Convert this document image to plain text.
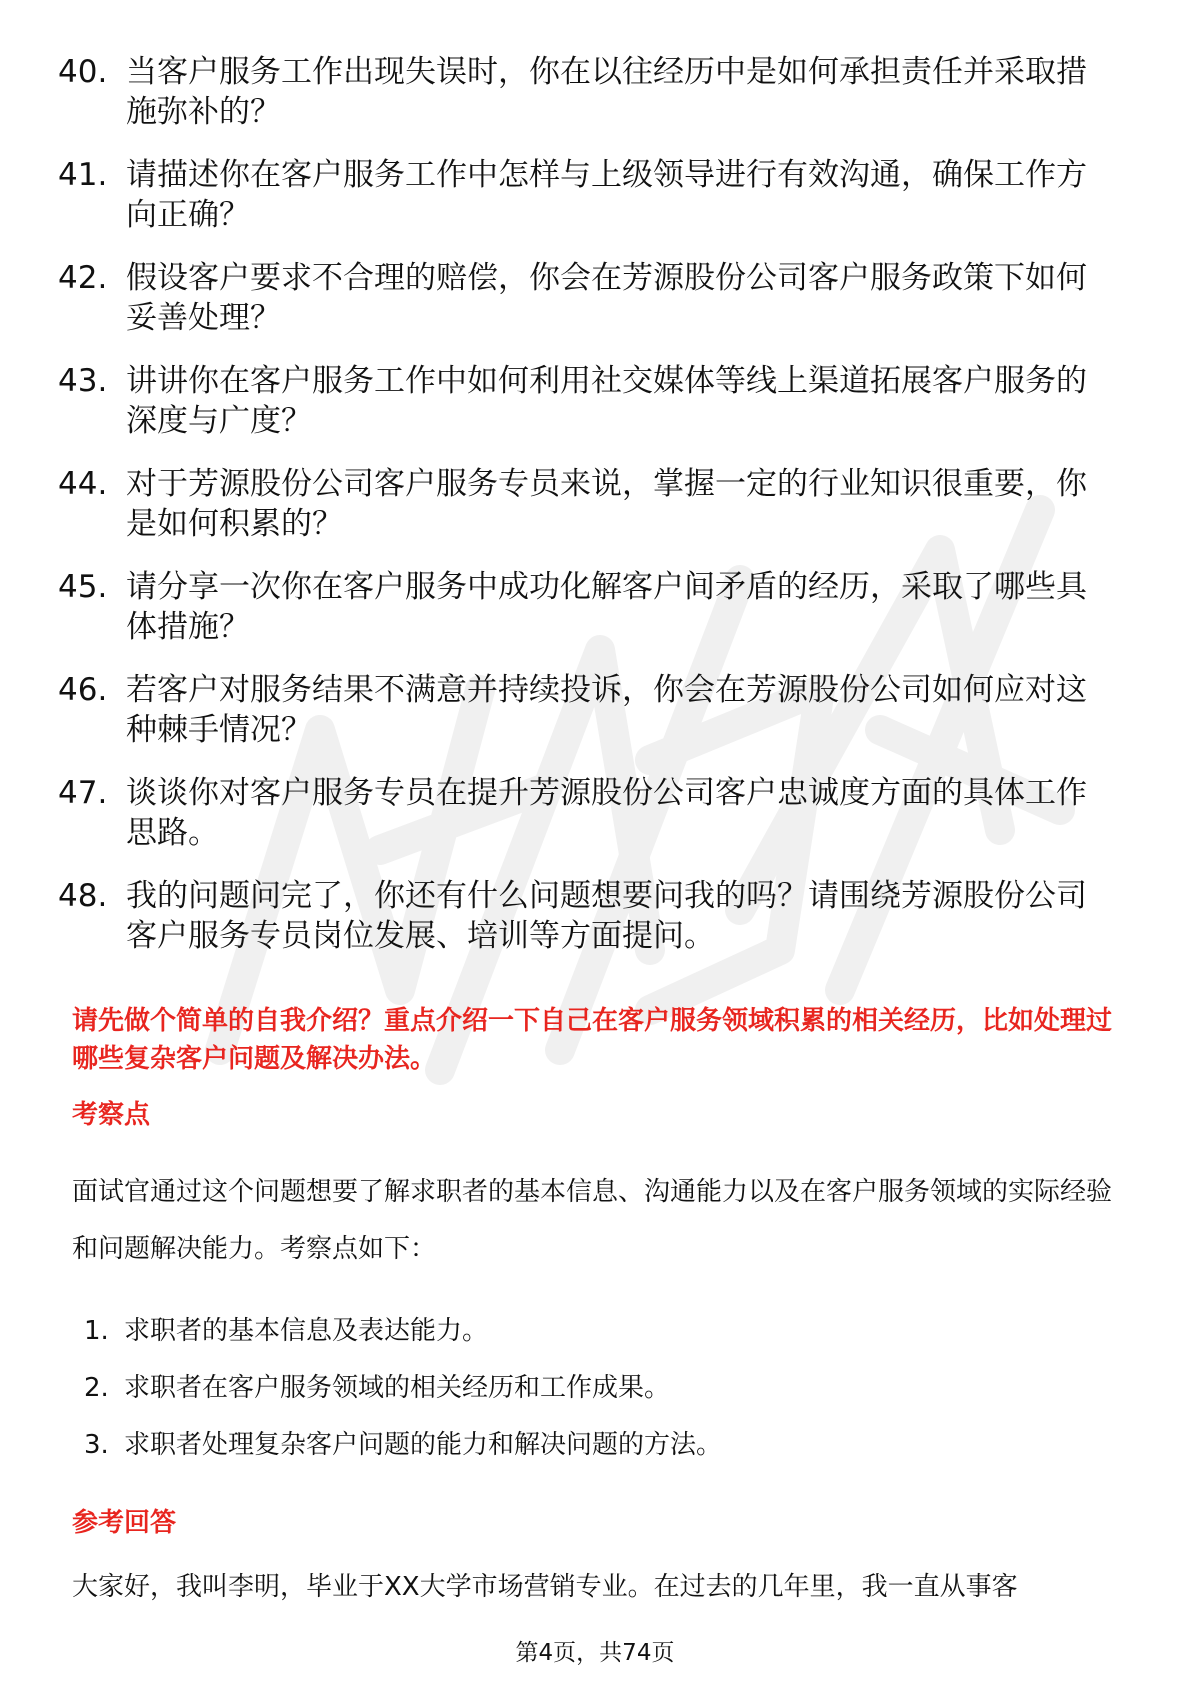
40. 当客户服务工作出现失误时，你在以往经历中是如何承担责任并采取措施弥补的？
41. 请描述你在客户服务工作中怎样与上级领导进行有效沟通，确保工作方向正确？
42. 假设客户要求不合理的赔偿，你会在芳源股份公司客户服务政策下如何妥善处理？
43. 讲讲你在客户服务工作中如何利用社交媒体等线上渠道拓展客户服务的深度与广度？
44. 对于芳源股份公司客户服务专员来说，掌握一定的行业知识很重要，你是如何积累的？
45. 请分享一次你在客户服务中成功化解客户间矛盾的经历，采取了哪些具体措施？
46. 若客户对服务结果不满意并持续投诉，你会在芳源股份公司如何应对这种棘手情况？
47. 谈谈你对客户服务专员在提升芳源股份公司客户忠诚度方面的具体工作思路。
48. 我的问题问完了，你还有什么问题想要问我的吗？请围绕芳源股份公司客户服务专员岗位发展、培训等方面提问。
请先做个简单的自我介绍？重点介绍一下自己在客户服务领域积累的相关经历，比如处理过哪些复杂客户问题及解决办法。
考察点
面试官通过这个问题想要了解求职者的基本信息、沟通能力以及在客户服务领域的实际经验和问题解决能力。考察点如下：
1. 求职者的基本信息及表达能力。
2. 求职者在客户服务领域的相关经历和工作成果。
3. 求职者处理复杂客户问题的能力和解决问题的方法。
参考回答
大家好，我叫李明，毕业于XX大学市场营销专业。在过去的几年里，我一直从事客
第4页，共74页
